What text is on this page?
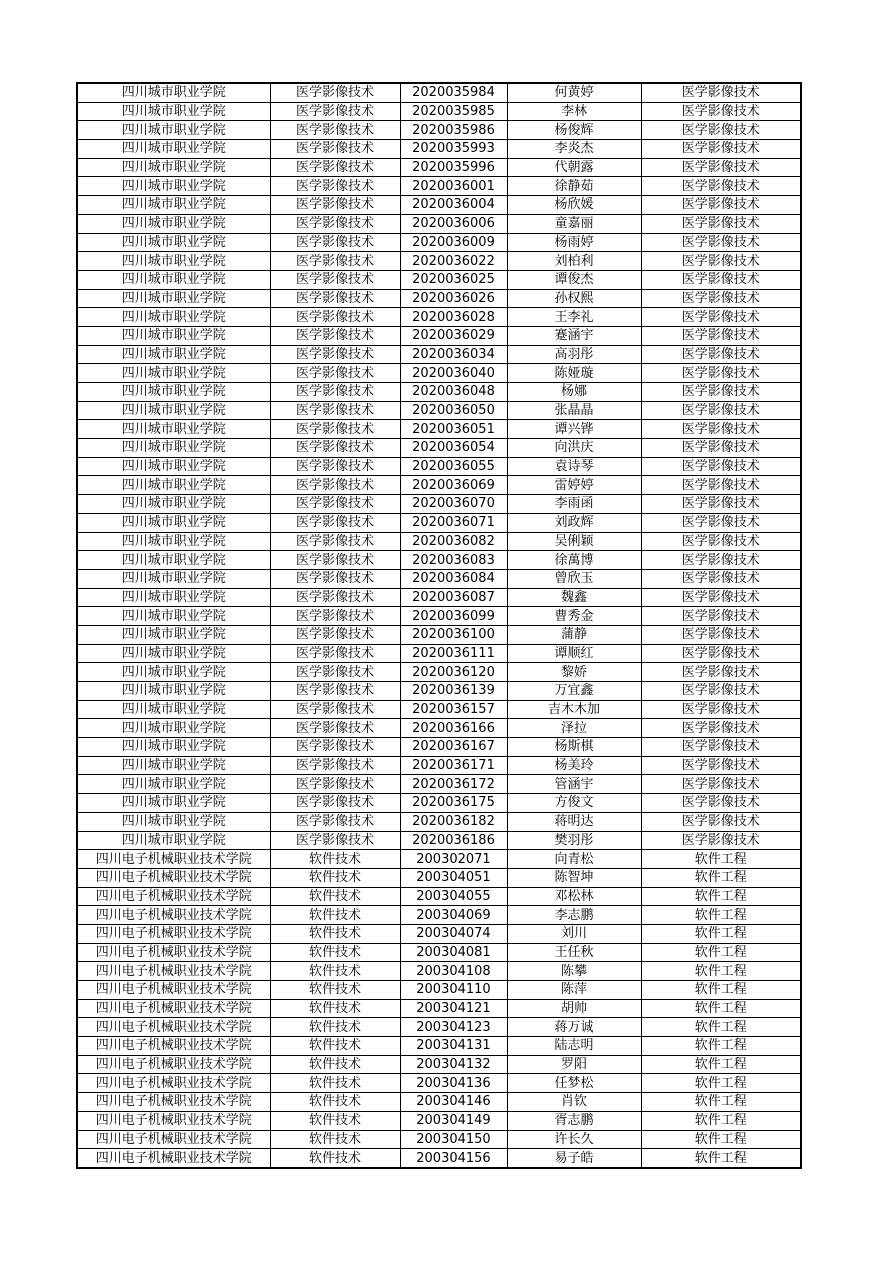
四川城市职业学院	医学影像技术	2020035984	何黄婷	医学影像技术
四川城市职业学院	医学影像技术	2020035985	李林	医学影像技术
四川城市职业学院	医学影像技术	2020035986	杨俊辉	医学影像技术
四川城市职业学院	医学影像技术	2020035993	李炎杰	医学影像技术
四川城市职业学院	医学影像技术	2020035996	代朝露	医学影像技术
四川城市职业学院	医学影像技术	2020036001	徐静茹	医学影像技术
四川城市职业学院	医学影像技术	2020036004	杨欣媛	医学影像技术
四川城市职业学院	医学影像技术	2020036006	童嘉丽	医学影像技术
四川城市职业学院	医学影像技术	2020036009	杨雨婷	医学影像技术
四川城市职业学院	医学影像技术	2020036022	刘柏利	医学影像技术
四川城市职业学院	医学影像技术	2020036025	谭俊杰	医学影像技术
四川城市职业学院	医学影像技术	2020036026	孙权熙	医学影像技术
四川城市职业学院	医学影像技术	2020036028	王李礼	医学影像技术
四川城市职业学院	医学影像技术	2020036029	蹇涵宇	医学影像技术
四川城市职业学院	医学影像技术	2020036034	高羽彤	医学影像技术
四川城市职业学院	医学影像技术	2020036040	陈娅璇	医学影像技术
四川城市职业学院	医学影像技术	2020036048	杨娜	医学影像技术
四川城市职业学院	医学影像技术	2020036050	张晶晶	医学影像技术
四川城市职业学院	医学影像技术	2020036051	谭兴铧	医学影像技术
四川城市职业学院	医学影像技术	2020036054	向洪庆	医学影像技术
四川城市职业学院	医学影像技术	2020036055	袁诗琴	医学影像技术
四川城市职业学院	医学影像技术	2020036069	雷婷婷	医学影像技术
四川城市职业学院	医学影像技术	2020036070	李雨函	医学影像技术
四川城市职业学院	医学影像技术	2020036071	刘政辉	医学影像技术
四川城市职业学院	医学影像技术	2020036082	吴俐颖	医学影像技术
四川城市职业学院	医学影像技术	2020036083	徐萬博	医学影像技术
四川城市职业学院	医学影像技术	2020036084	曾欣玉	医学影像技术
四川城市职业学院	医学影像技术	2020036087	魏鑫	医学影像技术
四川城市职业学院	医学影像技术	2020036099	曹秀金	医学影像技术
四川城市职业学院	医学影像技术	2020036100	蒲静	医学影像技术
四川城市职业学院	医学影像技术	2020036111	谭顺红	医学影像技术
四川城市职业学院	医学影像技术	2020036120	黎娇	医学影像技术
四川城市职业学院	医学影像技术	2020036139	万宜鑫	医学影像技术
四川城市职业学院	医学影像技术	2020036157	吉木木加	医学影像技术
四川城市职业学院	医学影像技术	2020036166	泽拉	医学影像技术
四川城市职业学院	医学影像技术	2020036167	杨斯棋	医学影像技术
四川城市职业学院	医学影像技术	2020036171	杨美玲	医学影像技术
四川城市职业学院	医学影像技术	2020036172	管涵宇	医学影像技术
四川城市职业学院	医学影像技术	2020036175	方俊文	医学影像技术
四川城市职业学院	医学影像技术	2020036182	蒋明达	医学影像技术
四川城市职业学院	医学影像技术	2020036186	樊羽彤	医学影像技术
四川电子机械职业技术学院	软件技术	200302071	向青松	软件工程
四川电子机械职业技术学院	软件技术	200304051	陈智坤	软件工程
四川电子机械职业技术学院	软件技术	200304055	邓松林	软件工程
四川电子机械职业技术学院	软件技术	200304069	李志鹏	软件工程
四川电子机械职业技术学院	软件技术	200304074	刘川	软件工程
四川电子机械职业技术学院	软件技术	200304081	王任秋	软件工程
四川电子机械职业技术学院	软件技术	200304108	陈攀	软件工程
四川电子机械职业技术学院	软件技术	200304110	陈萍	软件工程
四川电子机械职业技术学院	软件技术	200304121	胡帅	软件工程
四川电子机械职业技术学院	软件技术	200304123	蒋万诚	软件工程
四川电子机械职业技术学院	软件技术	200304131	陆志明	软件工程
四川电子机械职业技术学院	软件技术	200304132	罗阳	软件工程
四川电子机械职业技术学院	软件技术	200304136	任梦松	软件工程
四川电子机械职业技术学院	软件技术	200304146	肖钦	软件工程
四川电子机械职业技术学院	软件技术	200304149	胥志鹏	软件工程
四川电子机械职业技术学院	软件技术	200304150	许长久	软件工程
四川电子机械职业技术学院	软件技术	200304156	易子皓	软件工程
